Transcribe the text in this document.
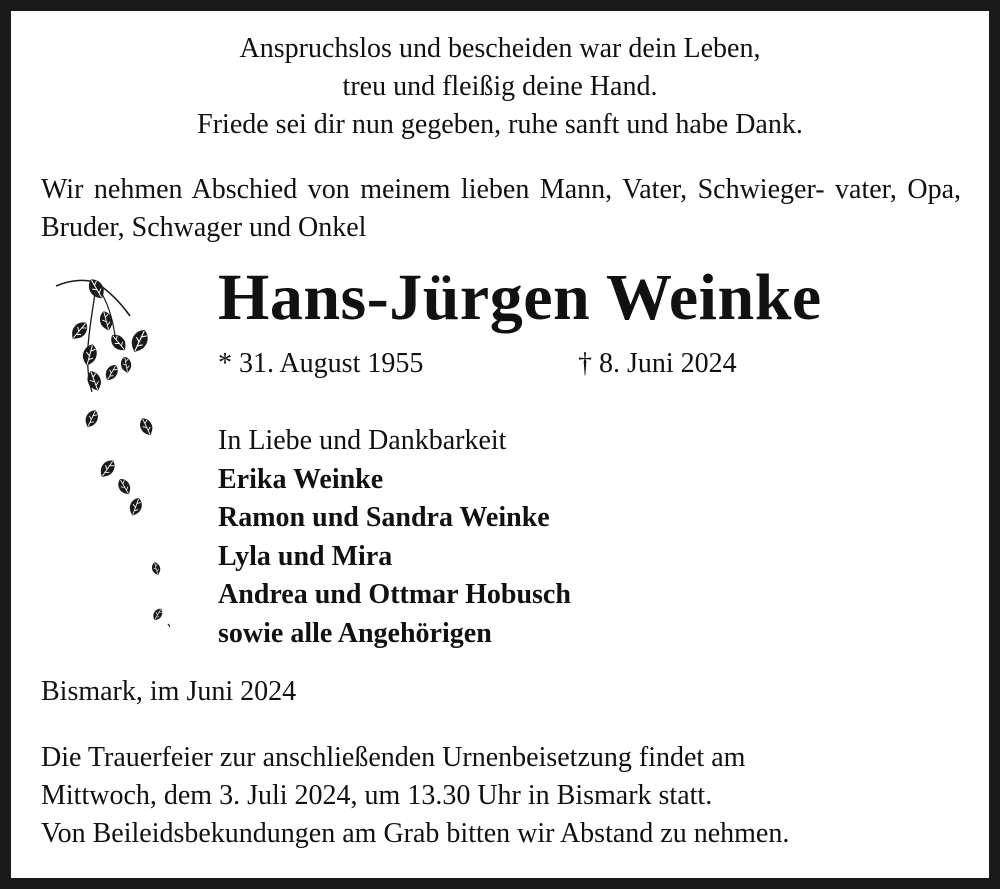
Anspruchslos und bescheiden war dein Leben,
treu und fleißig deine Hand.
Friede sei dir nun gegeben, ruhe sanft und habe Dank.
Wir nehmen Abschied von meinem lieben Mann, Vater, Schwieger- vater, Opa, Bruder, Schwager und Onkel
Hans-Jürgen Weinke
* 31. August 1955	† 8. Juni 2024
In Liebe und Dankbarkeit
Erika Weinke
Ramon und Sandra Weinke
Lyla und Mira
Andrea und Ottmar Hobusch
sowie alle Angehörigen
Bismark, im Juni 2024
Die Trauerfeier zur anschließenden Urnenbeisetzung findet am
Mittwoch, dem 3. Juli 2024, um 13.30 Uhr in Bismark statt.
Von Beileidsbekundungen am Grab bitten wir Abstand zu nehmen.
